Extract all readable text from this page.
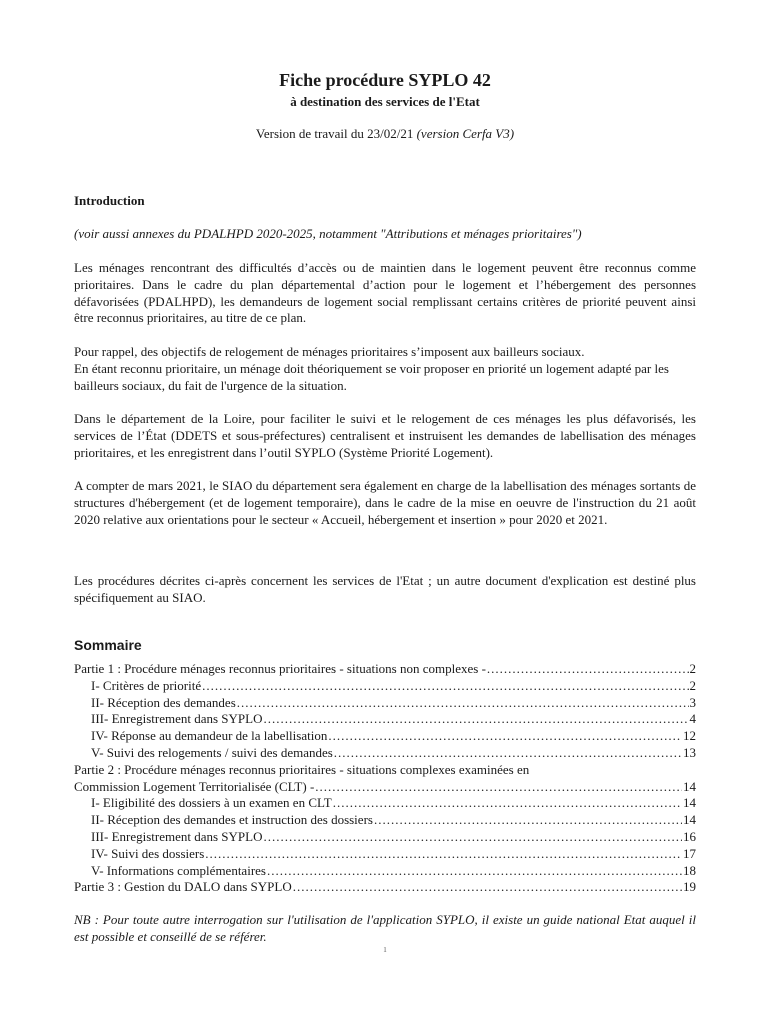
Fiche procédure SYPLO 42
à destination des services de l'Etat
Version de travail du 23/02/21 (version Cerfa V3)
Introduction
(voir aussi annexes du PDALHPD 2020-2025, notamment "Attributions et ménages prioritaires")

Les ménages rencontrant des difficultés d’accès ou de maintien dans le logement peuvent être reconnus comme prioritaires. Dans le cadre du plan départemental d’action pour le logement et l’hébergement des personnes défavorisées (PDALHPD), les demandeurs de logement social remplissant certains critères de priorité peuvent ainsi être reconnus prioritaires, au titre de ce plan.

Pour rappel, des objectifs de relogement de ménages prioritaires s’imposent aux bailleurs sociaux.
En étant reconnu prioritaire, un ménage doit théoriquement se voir proposer en priorité un logement adapté par les bailleurs sociaux, du fait de l'urgence de la situation.

Dans le département de la Loire, pour faciliter le suivi et le relogement de ces ménages les plus défavorisés, les services de l’État (DDETS et sous-préfectures) centralisent et instruisent les demandes de labellisation des ménages prioritaires, et les enregistrent dans l’outil SYPLO (Système Priorité Logement).

A compter de mars 2021, le SIAO du département sera également en charge de la labellisation des ménages sortants de structures d'hébergement (et de logement temporaire), dans le cadre de la mise en oeuvre de l'instruction du 21 août 2020 relative aux orientations pour le secteur « Accueil, hébergement et insertion » pour 2020 et 2021.

Les procédures décrites ci-après concernent les services de l'Etat ; un autre document d'explication est destiné plus spécifiquement au SIAO.

Sommaire
Partie 1 : Procédure ménages reconnus prioritaires - situations non complexes - .....	2
I- Critères de priorité .....	2
II- Réception des demandes .....	3
III- Enregistrement dans SYPLO .....	4
IV- Réponse au demandeur de la labellisation .....	12
V- Suivi des relogements / suivi des demandes .....	13
Partie 2 : Procédure ménages reconnus prioritaires - situations complexes examinées en
Commission Logement Territorialisée (CLT) - .....	14
I- Eligibilité des dossiers à un examen en CLT .....	14
II- Réception des demandes et instruction des dossiers .....	14
III- Enregistrement dans SYPLO .....	16
IV- Suivi des dossiers .....	17
V- Informations complémentaires .....	18
Partie 3 : Gestion du DALO dans SYPLO .....	19

NB : Pour toute autre interrogation sur l'utilisation de l'application SYPLO, il existe un guide national Etat auquel il est possible et conseillé de se référer.

1
